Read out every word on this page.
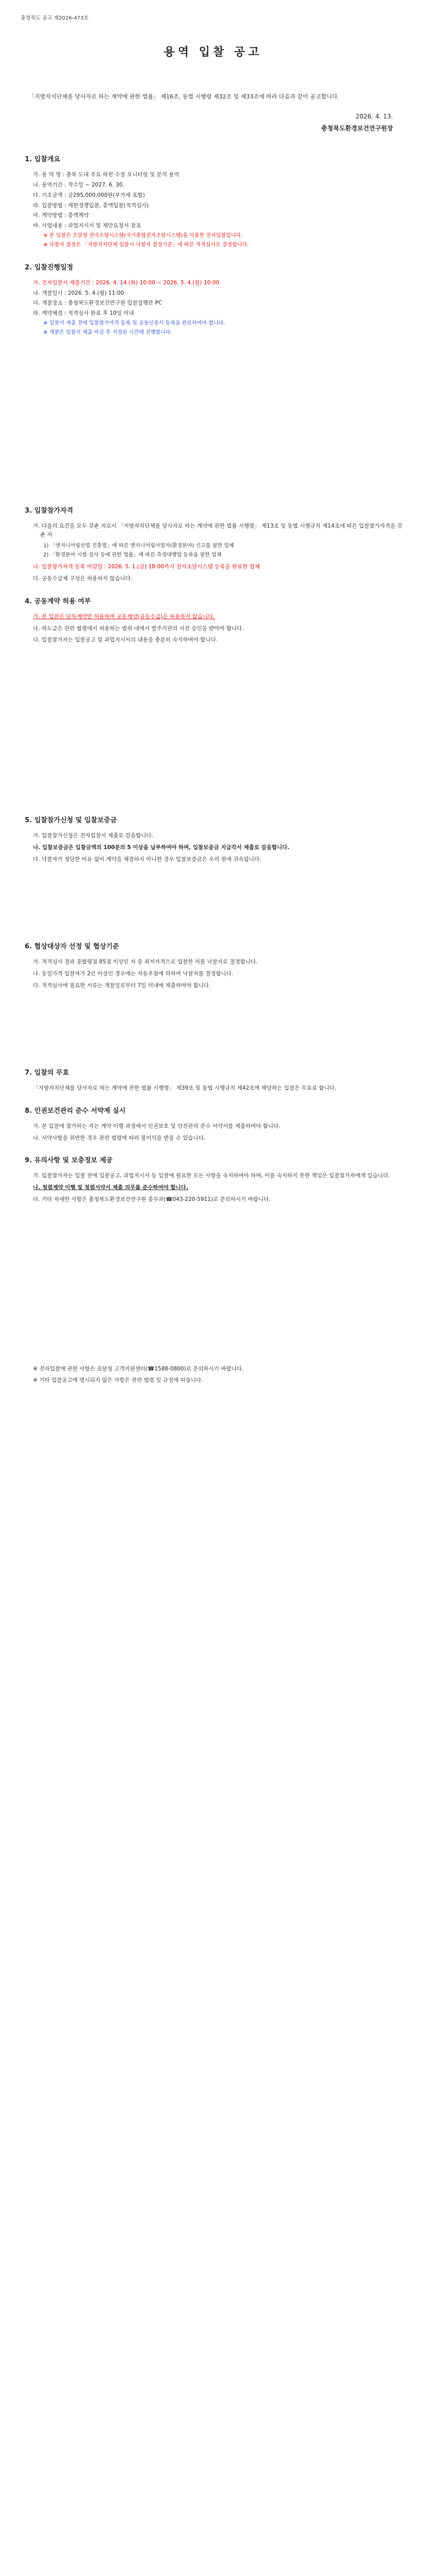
충청북도 공고 제2026-473호
용역 입찰 공고
「지방자치단체를 당사자로 하는 계약에 관한 법률」 제16조, 동법 시행령 제32조 및 제33조에 따라 다음과 같이 공고합니다.
2026. 4. 13.
충청북도환경보건연구원장
1. 입찰개요
가. 용 역 명 : 충북 도내 주요 하천 수질 모니터링 및 분석 용역
나. 용역기간 : 착수일 ~ 2027. 6. 30.
다. 기초금액 : 금295,000,000원(부가세 포함)
라. 입찰방법 : 제한경쟁입찰, 총액입찰(적격심사)
마. 계약방법 : 총액계약
바. 사업내용 : 과업지시서 및 제안요청서 참조
※ 본 입찰은 조달청 전자조달시스템(국가종합전자조달시스템)을 이용한 전자입찰입니다.
※ 낙찰자 결정은 「지방자치단체 입찰시 낙찰자 결정기준」에 따른 적격심사로 결정합니다.
2. 입찰진행일정
가. 전자입찰서 제출기간 : 2026. 4. 14.(화) 10:00 ~ 2026. 5. 4.(월) 10:00
나. 개찰일시 : 2026. 5. 4.(월) 11:00
다. 개찰장소 : 충청북도환경보건연구원 입찰집행관 PC
라. 계약체결 : 적격심사 완료 후 10일 이내
※ 입찰서 제출 전에 입찰참가자격 등록 및 공동인증서 등록을 완료하여야 합니다.
※ 개찰은 입찰서 제출 마감 후 지정된 시간에 진행합니다.
3. 입찰참가자격
가. 다음의 요건을 모두 갖춘 자로서 「지방자치단체를 당사자로 하는 계약에 관한 법률 시행령」 제13조 및 동법 시행규칙 제14조에 따른 입찰참가자격을 갖춘 자
1) 「엔지니어링산업 진흥법」에 따른 엔지니어링사업자(환경분야) 신고를 필한 업체
2) 「환경분야 시험·검사 등에 관한 법률」에 따른 측정대행업 등록을 필한 업체
나. 입찰참가자격 등록 마감일 : 2026. 5. 1.(금) 18:00까지 전자조달시스템 등록을 완료한 업체
다. 공동수급체 구성은 허용하지 않습니다.
4. 공동계약 허용 여부
가. 본 입찰은 단독계약만 허용하며 공동계약(공동수급)은 허용하지 않습니다.
나. 하도급은 관련 법령에서 허용하는 범위 내에서 발주기관의 사전 승인을 받아야 합니다.
다. 입찰참가자는 입찰공고 및 과업지시서의 내용을 충분히 숙지하여야 합니다.
5. 입찰참가신청 및 입찰보증금
가. 입찰참가신청은 전자입찰서 제출로 갈음합니다.
나. 입찰보증금은 입찰금액의 100분의 5 이상을 납부하여야 하며, 입찰보증금 지급각서 제출로 갈음합니다.
다. 낙찰자가 정당한 이유 없이 계약을 체결하지 아니한 경우 입찰보증금은 우리 원에 귀속됩니다.
6. 협상대상자 선정 및 협상기준
가. 적격심사 결과 종합평점 85점 이상인 자 중 최저가격으로 입찰한 자를 낙찰자로 결정합니다.
나. 동일가격 입찰자가 2인 이상인 경우에는 자동추첨에 의하여 낙찰자를 결정합니다.
다. 적격심사에 필요한 서류는 개찰일로부터 7일 이내에 제출하여야 합니다.
7. 입찰의 무효
「지방자치단체를 당사자로 하는 계약에 관한 법률 시행령」 제39조 및 동법 시행규칙 제42조에 해당하는 입찰은 무효로 합니다.
8. 인권보건관리 준수 서약제 실시
가. 본 입찰에 참가하는 자는 계약 이행 과정에서 인권보호 및 안전관리 준수 서약서를 제출하여야 합니다.
나. 서약사항을 위반한 경우 관련 법령에 따라 불이익을 받을 수 있습니다.
9. 유의사항 및 보충정보 제공
가. 입찰참가자는 입찰 전에 입찰공고, 과업지시서 등 입찰에 필요한 모든 사항을 숙지하여야 하며, 이를 숙지하지 못한 책임은 입찰참가자에게 있습니다.
나. 청렴계약 이행 및 청렴서약서 제출 의무를 준수하여야 합니다.
다. 기타 자세한 사항은 충청북도환경보건연구원 총무과(☎043-220-5911)로 문의하시기 바랍니다.
※ 전자입찰에 관한 사항은 조달청 고객지원센터(☎1588-0800)로 문의하시기 바랍니다.
※ 기타 입찰공고에 명시되지 않은 사항은 관련 법령 및 규정에 따릅니다.
